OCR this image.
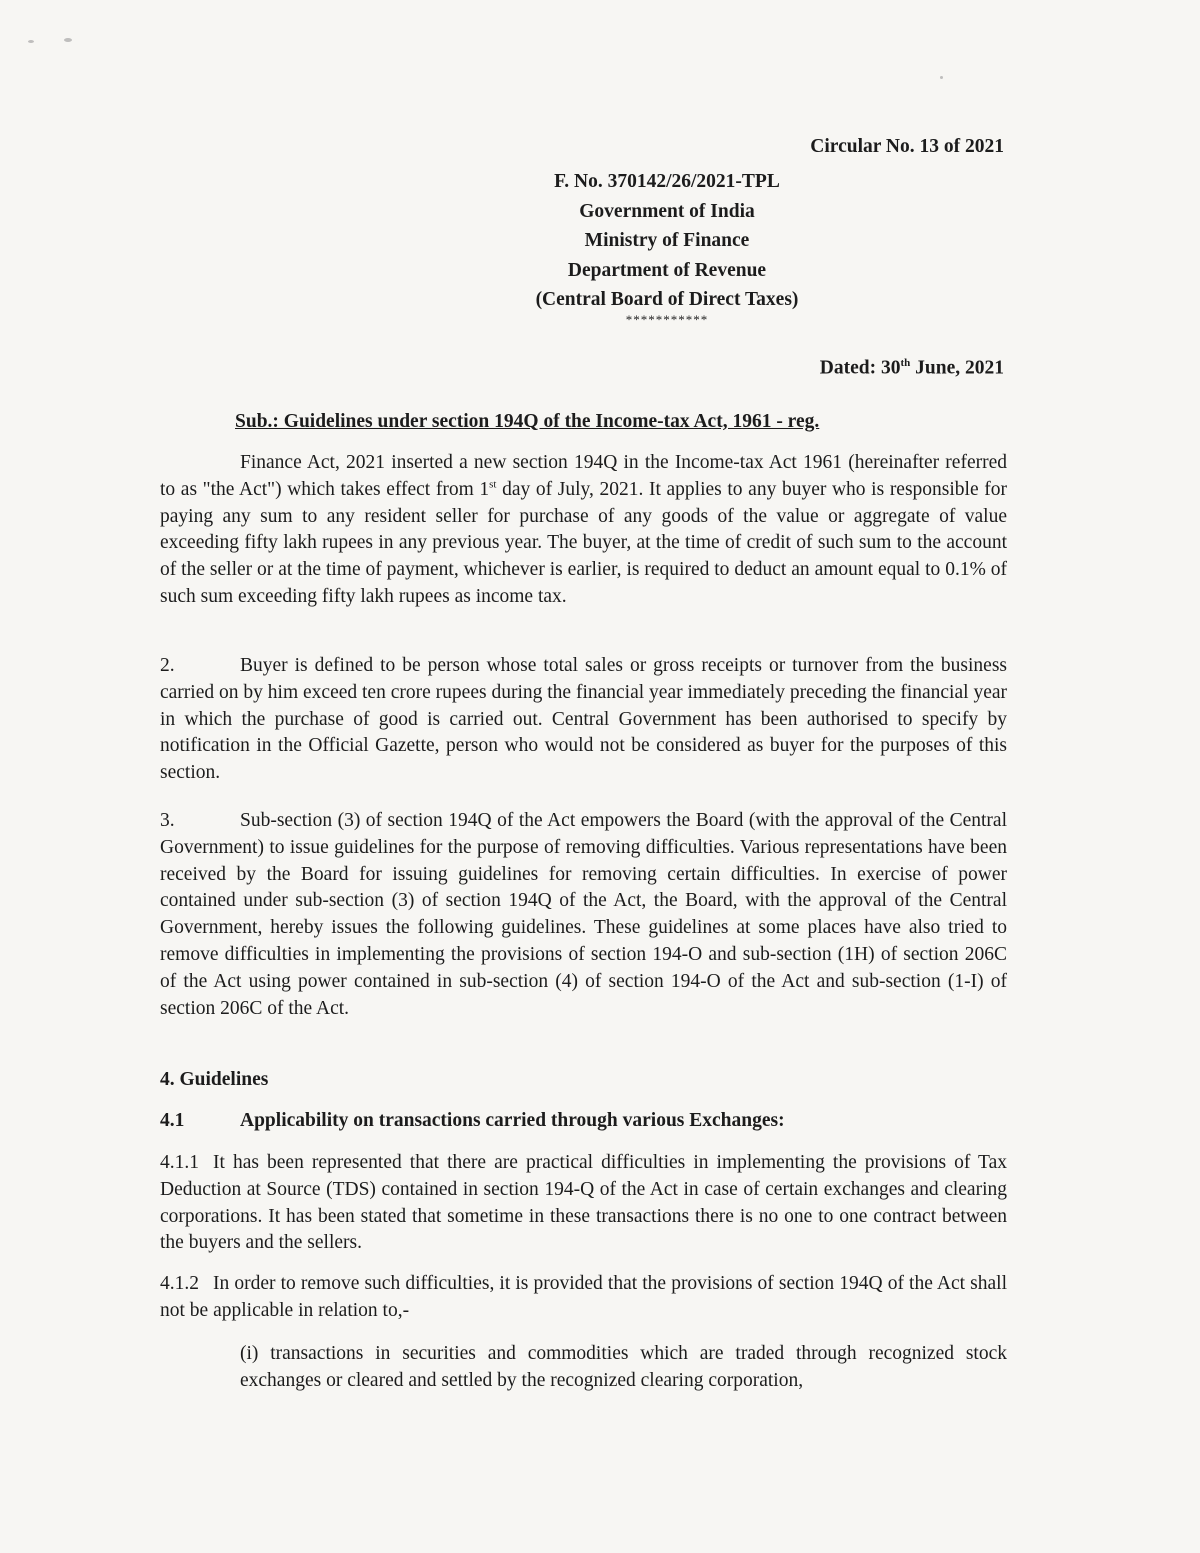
Circular No. 13 of 2021
F. No. 370142/26/2021-TPL
Government of India
Ministry of Finance
Department of Revenue
(Central Board of Direct Taxes)
***********
Dated: 30th June, 2021
Sub.: Guidelines under section 194Q of the Income-tax Act, 1961 - reg.
Finance Act, 2021 inserted a new section 194Q in the Income-tax Act 1961 (hereinafter referred to as "the Act") which takes effect from 1st day of July, 2021. It applies to any buyer who is responsible for paying any sum to any resident seller for purchase of any goods of the value or aggregate of value exceeding fifty lakh rupees in any previous year. The buyer, at the time of credit of such sum to the account of the seller or at the time of payment, whichever is earlier, is required to deduct an amount equal to 0.1% of such sum exceeding fifty lakh rupees as income tax.
2.	Buyer is defined to be person whose total sales or gross receipts or turnover from the business carried on by him exceed ten crore rupees during the financial year immediately preceding the financial year in which the purchase of good is carried out. Central Government has been authorised to specify by notification in the Official Gazette, person who would not be considered as buyer for the purposes of this section.
3.	Sub-section (3) of section 194Q of the Act empowers the Board (with the approval of the Central Government) to issue guidelines for the purpose of removing difficulties. Various representations have been received by the Board for issuing guidelines for removing certain difficulties. In exercise of power contained under sub-section (3) of section 194Q of the Act, the Board, with the approval of the Central Government, hereby issues the following guidelines. These guidelines at some places have also tried to remove difficulties in implementing the provisions of section 194-O and sub-section (1H) of section 206C of the Act using power contained in sub-section (4) of section 194-O of the Act and sub-section (1-I) of section 206C of the Act.
4. Guidelines
4.1	Applicability on transactions carried through various Exchanges:
4.1.1 It has been represented that there are practical difficulties in implementing the provisions of Tax Deduction at Source (TDS) contained in section 194-Q of the Act in case of certain exchanges and clearing corporations. It has been stated that sometime in these transactions there is no one to one contract between the buyers and the sellers.
4.1.2 In order to remove such difficulties, it is provided that the provisions of section 194Q of the Act shall not be applicable in relation to,-
(i) transactions in securities and commodities which are traded through recognized stock exchanges or cleared and settled by the recognized clearing corporation,
